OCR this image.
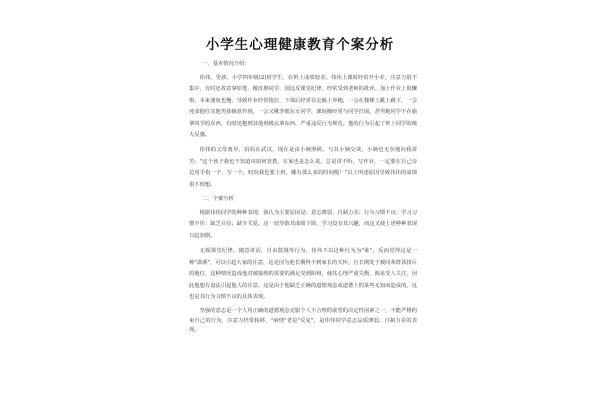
小学生心理健康教育个案分析
一、基本情况介绍：
伟伟，男孩，小学四年级(2)班学生，在班上成绩较差。伟伟上课时经常开小差，注意力很不集中，有时还故意拿铅笔、橡皮擦同学，国这反课堂纪律，经常受到老师的批评。加上作业上很懒惰，本来速度也慢，导致作业经常拖拉，下课后经常在走廊上奔跑，一会在楼梯上跳上跳下，一会死命抱住其他男孩摘惹作剧，一会又揪李眼东女同学，课间操经常与同学打闹，甚至跑同学不在偷拿同学的东西，有时还抱到其他班级玄拿东西，严重违反行为规范。他的行为引起了班上同学的极大反感。
伟伟的父母离异，妈妈在武汉，现在是由小姨照顾，与其小姨交谈，小姨也无奈地向我诉苦："这个孩子我也不知道该如何管教，在家也是怎么说，总是讲不听，写作业，一定要在自己旁边用手指一个，写一个，时况我也要上班，哪有那么多的时间呢！"以上所述原因导致伟伟的成绩很不理想。
二、个案分析
根据伟伟同学的种种表现，我认为主要原因是：意志薄弱、自制力差；行为习惯不良；学习习惯不佳；缺乏目信；缺少关爱。这一切导致其成绩下降，学习没有其兴趣，而这又使上述种种表现日趋加剧。
无视课堂纪律，随意讲话，自由散漫等行为，伟伟不以这种行为为"耻"，反而觉得这是一种"潇洒"，可以引起大家的注意，这是因为他长期得不到家长的关怀，且长期处于被同辈群体排斥的地位，这种情况造成他对被接纳的需要的满足受到阻碍，使其心理严重失衡，渴求受人关注，因此他想方设法引起他人的注意。这是由于他缺乏正确的道德观念或道德上的某些无知而造成的，这也是其行为习惯不良的具体表现。
坚强的意志是一个人用正确的道德观念克服个人不合理的欲望的决定性因素之一，不能严格约束自己的行为，注意力经常转移，"病情"老是"反复"，是伟伟同学意志品质薄弱、自制力差的表现。
